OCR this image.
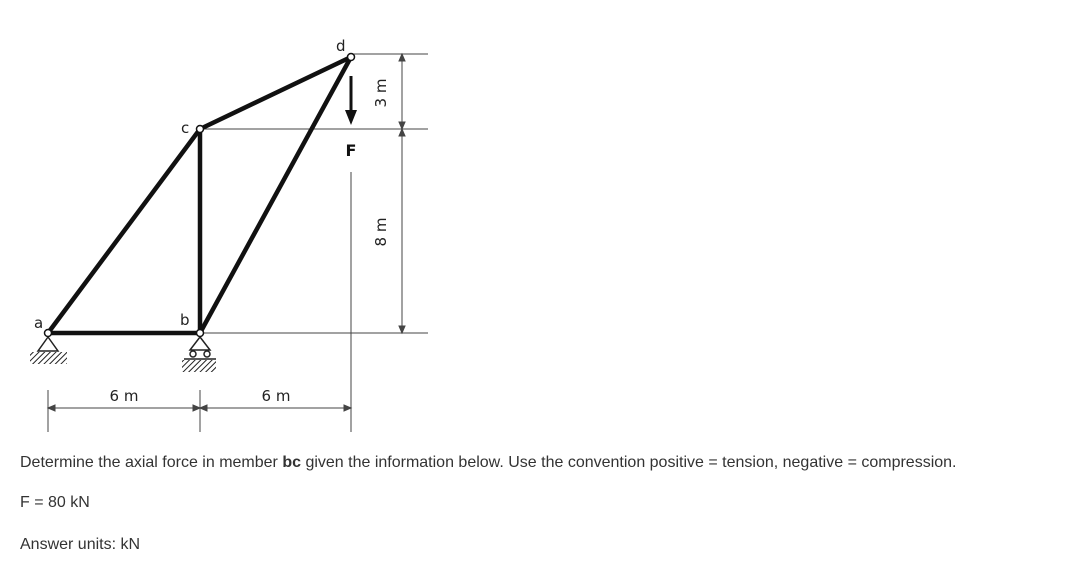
3 m
8 m
6 m	6 m
F
a	b
c
d
Determine the axial force in member bc given the information below. Use the convention positive = tension, negative = compression.
F = 80 kN
Answer units: kN
